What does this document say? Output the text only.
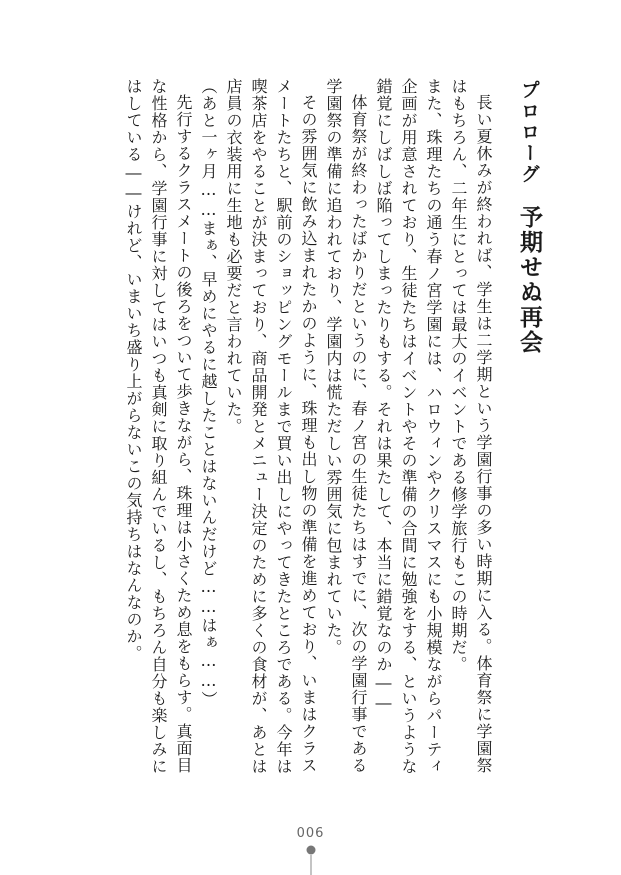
プロローグ予期せぬ再会

長い夏休みが終われば、学生は二学期という学園行事の多い時期に入る。体育祭に学園祭はもちろん、二年生にとっては最大のイベントである修学旅行もこの時期だ。

また、珠理たちの通う春ノ宮学園には、ハロウィンやクリスマスにも小規模ながらパーティ企画が用意されており、生徒たちはイベントやその準備の合間に勉強をする、というような錯覚にしばしば陥ってしまったりもする。それは果たして、本当に錯覚なのか――

体育祭が終わったばかりだというのに、春ノ宮の生徒たちはすでに、次の学園行事である学園祭の準備に追われており、学園内は慌ただしい雰囲気に包まれていた。

その雰囲気に飲み込まれたかのように、珠理も出し物の準備を進めており、いまはクラスメートたちと、駅前のショッピングモールまで買い出しにやってきたところである。今年は喫茶店をやることが決まっており、商品開発とメニュー決定のために多くの食材が、あとは店員の衣装用に生地も必要だと言われていた。

（あと一ヶ月……まぁ、早めにやるに越したことはないんだけど……はぁ……）

先行するクラスメートの後ろをついて歩きながら、珠理は小さくため息をもらす。真面目な性格から、学園行事に対してはいつも真剣に取り組んでいるし、もちろん自分も楽しみにはしている――けれど、いまいち盛り上がらないこの気持ちはなんなのか。

006
